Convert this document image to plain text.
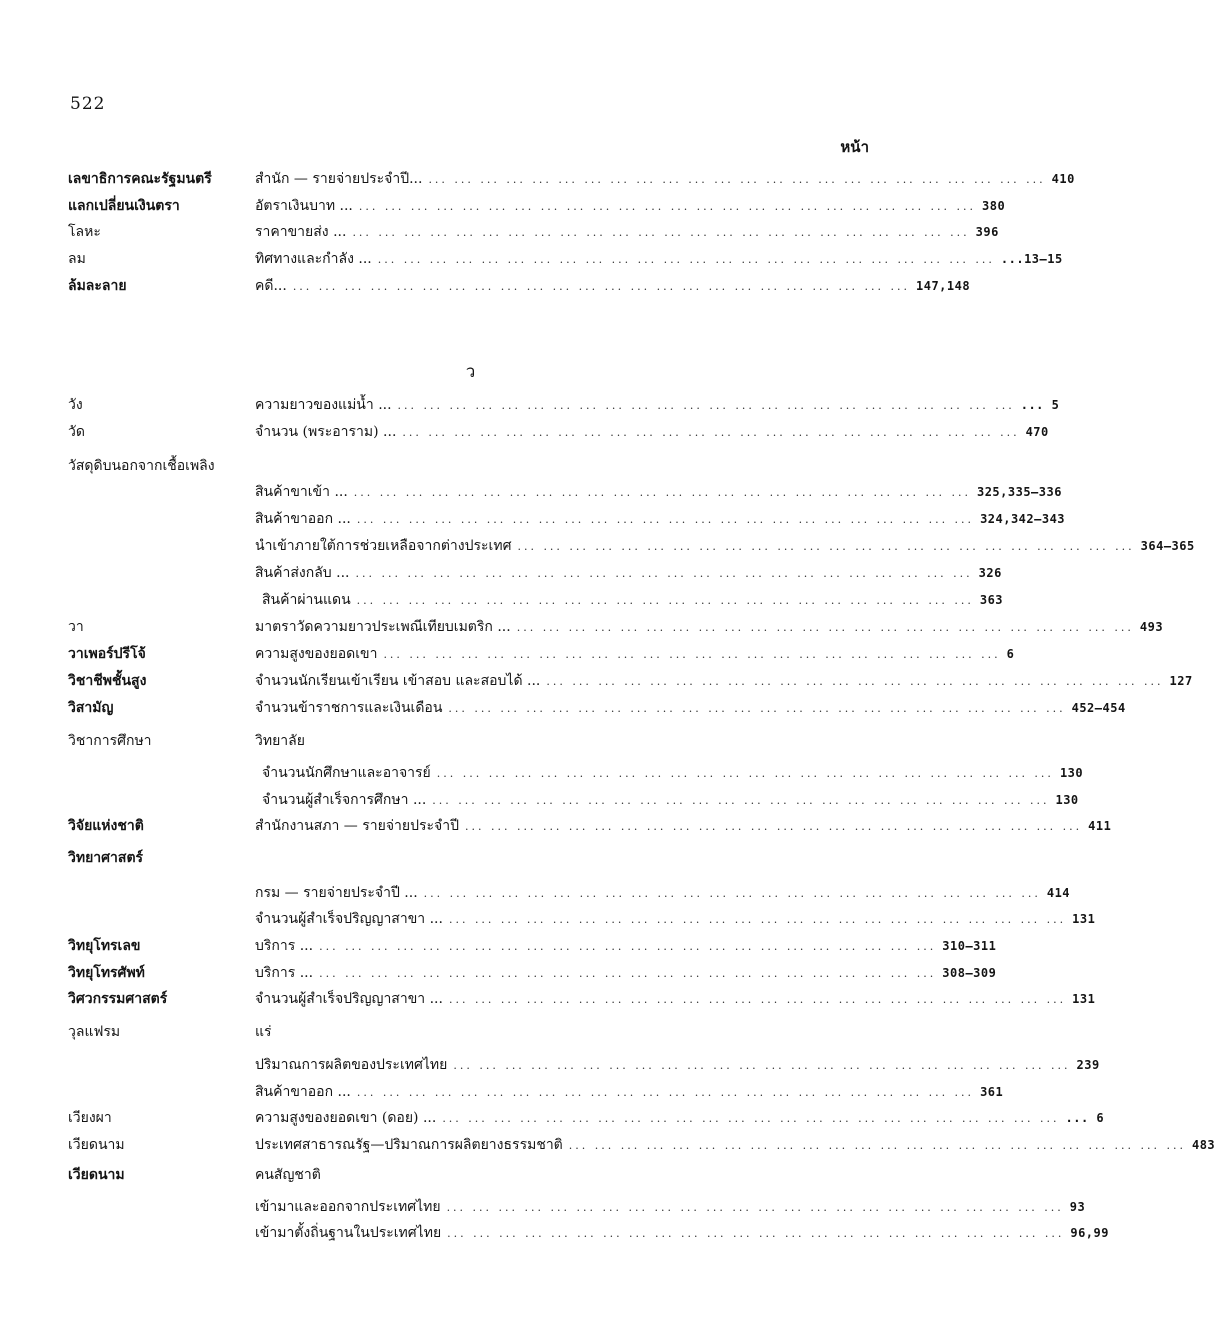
522
หน้า
เลขาธิการคณะรัฐมนตรี	สำนัก — รายจ่ายประจำปี... ... ... ... ... ... ... ... ... ... ... ... ... ... ... ... ... ... ... ... ... ... ... ... ... 410
แลกเปลี่ยนเงินตรา	อัตราเงินบาท ... ... ... ... ... ... ... ... ... ... ... ... ... ... ... ... ... ... ... ... ... ... ... ... ... 380
โลหะ	ราคาขายส่ง ... ... ... ... ... ... ... ... ... ... ... ... ... ... ... ... ... ... ... ... ... ... ... ... ... 396
ลม	ทิศทางและกำลัง ... ... ... ... ... ... ... ... ... ... ... ... ... ... ... ... ... ... ... ... ... ... ... ... ... ...13—15
ล้มละลาย	คดี... ... ... ... ... ... ... ... ... ... ... ... ... ... ... ... ... ... ... ... ... ... ... ... ... 147,148
ว
วัง	ความยาวของแม่น้ำ ... ... ... ... ... ... ... ... ... ... ... ... ... ... ... ... ... ... ... ... ... ... ... ... ... ... 5
วัด	จำนวน (พระอาราม) ... ... ... ... ... ... ... ... ... ... ... ... ... ... ... ... ... ... ... ... ... ... ... ... ... 470
วัสดุดิบนอกจากเชื้อเพลิง
สินค้าขาเข้า ... ... ... ... ... ... ... ... ... ... ... ... ... ... ... ... ... ... ... ... ... ... ... ... ... 325,335—336
สินค้าขาออก ... ... ... ... ... ... ... ... ... ... ... ... ... ... ... ... ... ... ... ... ... ... ... ... ... 324,342—343
นำเข้าภายใต้การช่วยเหลือจากต่างประเทศ ... ... ... ... ... ... ... ... ... ... ... ... ... ... ... ... ... ... ... ... ... ... ... ... 364—365
สินค้าส่งกลับ ... ... ... ... ... ... ... ... ... ... ... ... ... ... ... ... ... ... ... ... ... ... ... ... ... 326
สินค้าผ่านแดน ... ... ... ... ... ... ... ... ... ... ... ... ... ... ... ... ... ... ... ... ... ... ... ... 363
วา	มาตราวัดความยาวประเพณีเทียบเมตริก ... ... ... ... ... ... ... ... ... ... ... ... ... ... ... ... ... ... ... ... ... ... ... ... ... 493
วาเพอร์ปรีโจ้	ความสูงของยอดเขา ... ... ... ... ... ... ... ... ... ... ... ... ... ... ... ... ... ... ... ... ... ... ... ... 6
วิชาชีพชั้นสูง	จำนวนนักเรียนเข้าเรียน เข้าสอบ และสอบได้ ... ... ... ... ... ... ... ... ... ... ... ... ... ... ... ... ... ... ... ... ... ... ... ... ... 127
วิสามัญ	จำนวนข้าราชการและเงินเดือน ... ... ... ... ... ... ... ... ... ... ... ... ... ... ... ... ... ... ... ... ... ... ... ... 452—454
วิชาการศึกษา	วิทยาลัย
จำนวนนักศึกษาและอาจารย์ ... ... ... ... ... ... ... ... ... ... ... ... ... ... ... ... ... ... ... ... ... ... ... ... 130
จำนวนผู้สำเร็จการศึกษา ... ... ... ... ... ... ... ... ... ... ... ... ... ... ... ... ... ... ... ... ... ... ... ... ... 130
วิจัยแห่งชาติ	สำนักงานสภา — รายจ่ายประจำปี ... ... ... ... ... ... ... ... ... ... ... ... ... ... ... ... ... ... ... ... ... ... ... ... 411
วิทยาศาสตร์
กรม — รายจ่ายประจำปี ... ... ... ... ... ... ... ... ... ... ... ... ... ... ... ... ... ... ... ... ... ... ... ... ... 414
จำนวนผู้สำเร็จปริญญาสาขา ... ... ... ... ... ... ... ... ... ... ... ... ... ... ... ... ... ... ... ... ... ... ... ... ... 131
วิทยุโทรเลข	บริการ ... ... ... ... ... ... ... ... ... ... ... ... ... ... ... ... ... ... ... ... ... ... ... ... ... 310—311
วิทยุโทรศัพท์	บริการ ... ... ... ... ... ... ... ... ... ... ... ... ... ... ... ... ... ... ... ... ... ... ... ... ... 308—309
วิศวกรรมศาสตร์	จำนวนผู้สำเร็จปริญญาสาขา ... ... ... ... ... ... ... ... ... ... ... ... ... ... ... ... ... ... ... ... ... ... ... ... ... 131
วุลแฟรม	แร่
ปริมาณการผลิตของประเทศไทย ... ... ... ... ... ... ... ... ... ... ... ... ... ... ... ... ... ... ... ... ... ... ... ... 239
สินค้าขาออก ... ... ... ... ... ... ... ... ... ... ... ... ... ... ... ... ... ... ... ... ... ... ... ... ... 361
เวียงผา	ความสูงของยอดเขา (ดอย) ... ... ... ... ... ... ... ... ... ... ... ... ... ... ... ... ... ... ... ... ... ... ... ... ... ... 6
เวียดนาม	ประเทศสาธารณรัฐ—ปริมาณการผลิตยางธรรมชาติ ... ... ... ... ... ... ... ... ... ... ... ... ... ... ... ... ... ... ... ... ... ... ... ... 483
เวียดนาม	คนสัญชาติ
เข้ามาและออกจากประเทศไทย ... ... ... ... ... ... ... ... ... ... ... ... ... ... ... ... ... ... ... ... ... ... ... ... 93
เข้ามาตั้งถิ่นฐานในประเทศไทย ... ... ... ... ... ... ... ... ... ... ... ... ... ... ... ... ... ... ... ... ... ... ... ... 96,99
